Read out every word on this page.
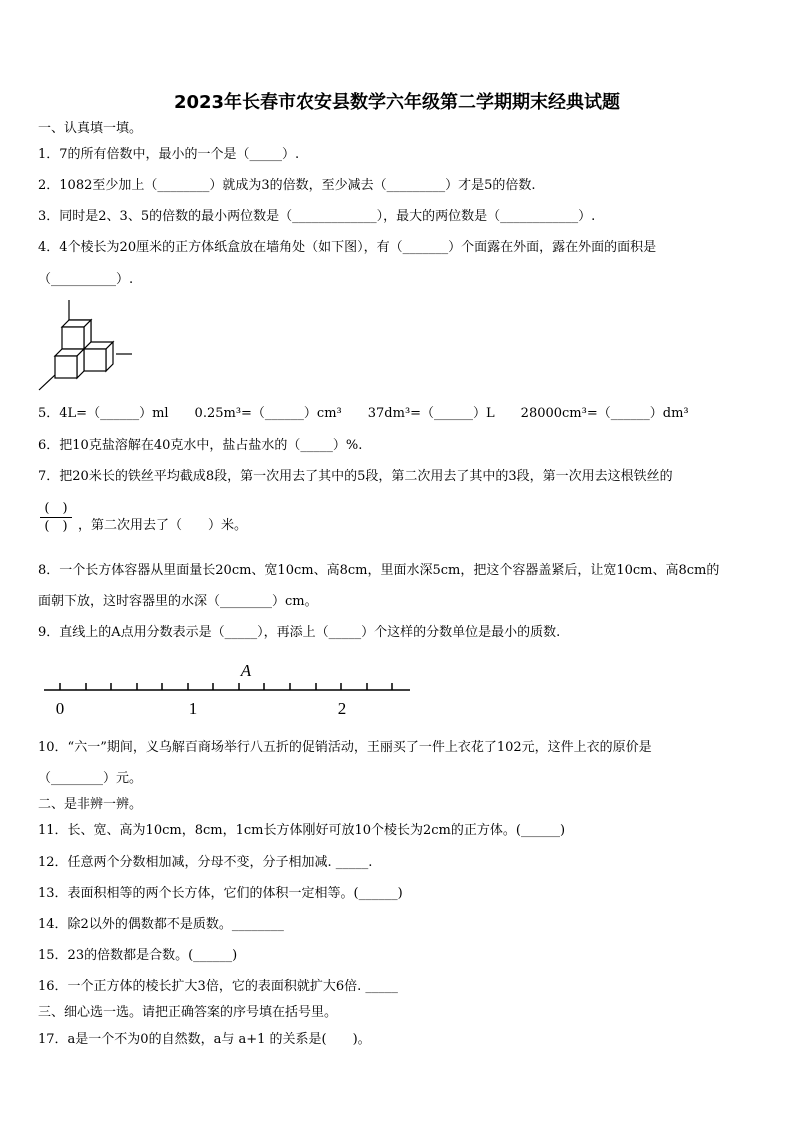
2023年长春市农安县数学六年级第二学期期末经典试题
一、认真填一填。
1．7的所有倍数中，最小的一个是（_____）.
2．1082至少加上（________）就成为3的倍数，至少减去（_________）才是5的倍数.
3．同时是2、3、5的倍数的最小两位数是（_____________），最大的两位数是（____________）.
4．4个棱长为20厘米的正方体纸盒放在墙角处（如下图），有（_______）个面露在外面，露在外面的面积是
（__________）.
5．4L=（______）ml　　0.25m³=（______）cm³　　37dm³=（______）L　　28000cm³=（______）dm³
6．把10克盐溶解在40克水中，盐占盐水的（_____）%.
7．把20米长的铁丝平均截成8段，第一次用去了其中的5段，第二次用去了其中的3段，第一次用去这根铁丝的
(　)
(　) ，第二次用去了（　　）米。
8．一个长方体容器从里面量长20cm、宽10cm、高8cm，里面水深5cm，把这个容器盖紧后，让宽10cm、高8cm的
面朝下放，这时容器里的水深（________）cm。
9．直线上的A点用分数表示是（_____），再添上（_____）个这样的分数单位是最小的质数.
A
0	1	2
10．“六一”期间，义乌解百商场举行八五折的促销活动，王丽买了一件上衣花了102元，这件上衣的原价是
（________）元。
二、是非辨一辨。
11．长、宽、高为10cm，8cm，1cm长方体刚好可放10个棱长为2cm的正方体。(______)
12．任意两个分数相加减，分母不变，分子相加减. _____.
13．表面积相等的两个长方体，它们的体积一定相等。(______)
14．除2以外的偶数都不是质数。________
15．23的倍数都是合数。(______)
16．一个正方体的棱长扩大3倍，它的表面积就扩大6倍. _____
三、细心选一选。请把正确答案的序号填在括号里。
17．a是一个不为0的自然数，a与 a+1 的关系是(　　)。
